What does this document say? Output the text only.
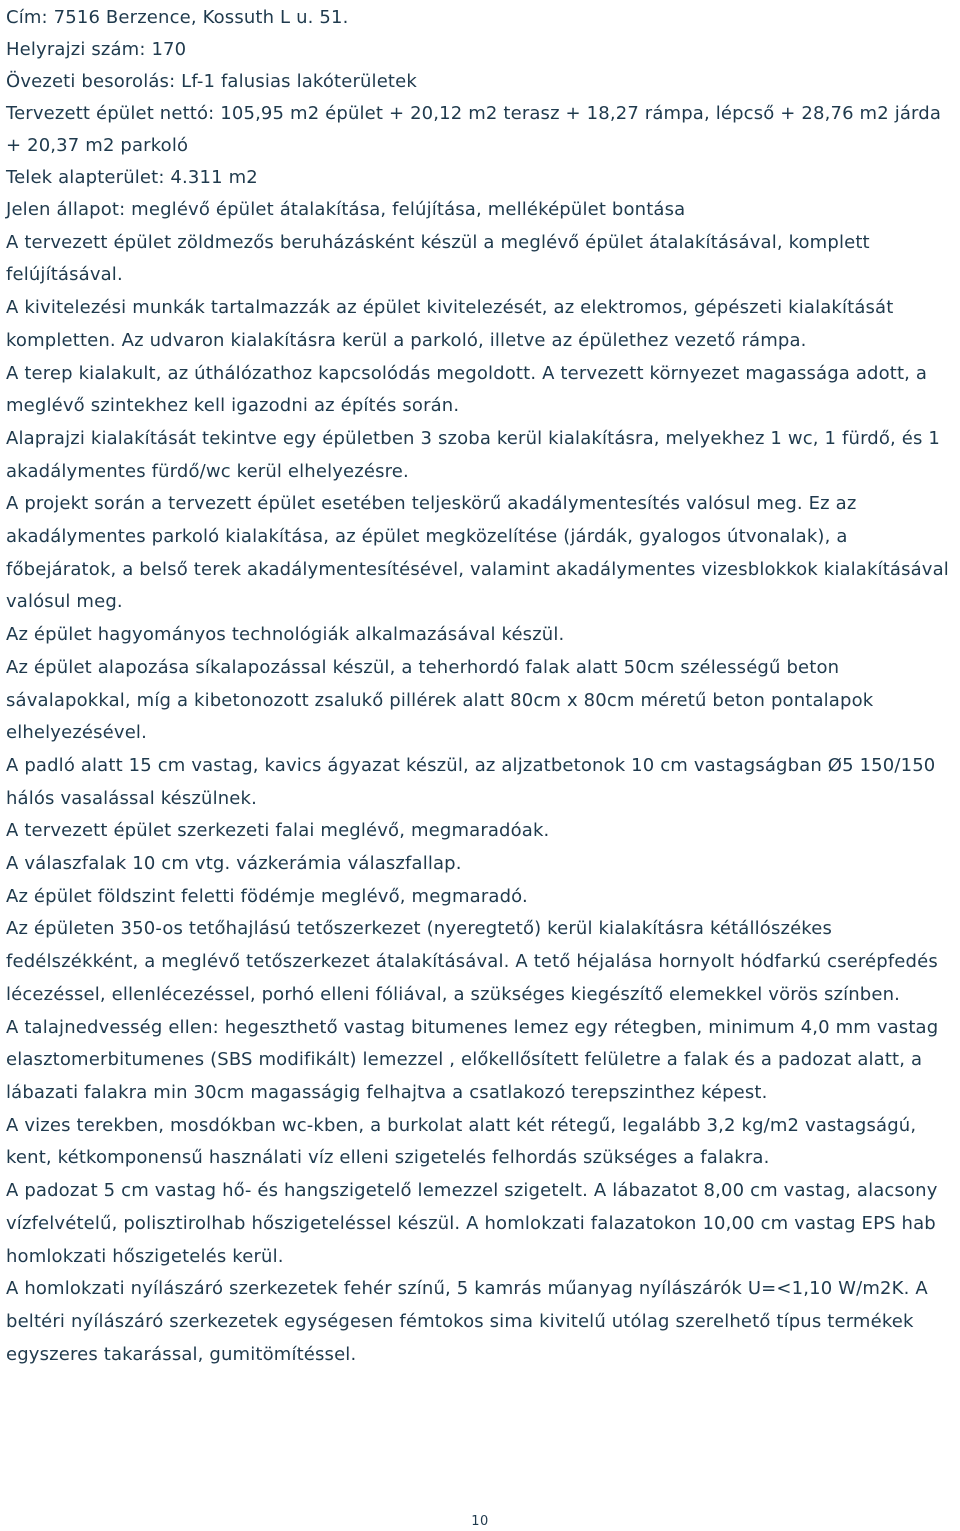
Cím: 7516 Berzence, Kossuth L u. 51.

Helyrajzi szám: 170

Övezeti besorolás: Lf-1 falusias lakóterületek

Tervezett épület nettó: 105,95 m2 épület + 20,12 m2 terasz + 18,27 rámpa, lépcső + 28,76 m2 járda + 20,37 m2 parkoló

Telek alapterület: 4.311 m2

Jelen állapot: meglévő épület átalakítása, felújítása, melléképület bontása

A tervezett épület zöldmezős beruházásként készül a meglévő épület átalakításával, komplett felújításával.

A kivitelezési munkák tartalmazzák az épület kivitelezését, az elektromos, gépészeti kialakítását kompletten. Az udvaron kialakításra kerül a parkoló, illetve az épülethez vezető rámpa.

A terep kialakult, az úthálózathoz kapcsolódás megoldott. A tervezett környezet magassága adott, a meglévő szintekhez kell igazodni az építés során.

Alaprajzi kialakítását tekintve egy épületben 3 szoba kerül kialakításra, melyekhez 1 wc, 1 fürdő, és 1 akadálymentes fürdő/wc kerül elhelyezésre.

A projekt során a tervezett épület esetében teljeskörű akadálymentesítés valósul meg. Ez az akadálymentes parkoló kialakítása, az épület megközelítése (járdák, gyalogos útvonalak), a főbejáratok, a belső terek akadálymentesítésével, valamint akadálymentes vizesblokkok kialakításával valósul meg.

Az épület hagyományos technológiák alkalmazásával készül.

Az épület alapozása síkalapozással készül, a teherhordó falak alatt 50cm szélességű beton sávalapokkal, míg a kibetonozott zsalukő pillérek alatt 80cm x 80cm méretű beton pontalapok elhelyezésével.

A padló alatt 15 cm vastag, kavics ágyazat készül, az aljzatbetonok 10 cm vastagságban Ø5 150/150 hálós vasalással készülnek.

A tervezett épület szerkezeti falai meglévő, megmaradóak.

A válaszfalak 10 cm vtg. vázkerámia válaszfallap.

Az épület földszint feletti födémje meglévő, megmaradó.

Az épületen 350-os tetőhajlású tetőszerkezet (nyeregtető) kerül kialakításra kétállószékes fedélszékként, a meglévő tetőszerkezet átalakításával. A tető héjalása hornyolt hódfarkú cserépfedés lécezéssel, ellenlécezéssel, porhó elleni fóliával, a szükséges kiegészítő elemekkel vörös színben.

A talajnedvesség ellen: hegeszthető vastag bitumenes lemez egy rétegben, minimum 4,0 mm vastag elasztomerbitumenes (SBS modifikált) lemezzel , előkellősített felületre a falak és a padozat alatt, a lábazati falakra min 30cm magasságig felhajtva a csatlakozó terepszinthez képest.

A vizes terekben, mosdókban wc-kben, a burkolat alatt két rétegű, legalább 3,2 kg/m2 vastagságú, kent, kétkomponensű használati víz elleni szigetelés felhordás szükséges a falakra.

A padozat 5 cm vastag hő- és hangszigetelő lemezzel szigetelt. A lábazatot 8,00 cm vastag, alacsony vízfelvételű, polisztirolhab hőszigeteléssel készül. A homlokzati falazatokon 10,00 cm vastag EPS hab homlokzati hőszigetelés kerül.

A homlokzati nyílászáró szerkezetek fehér színű, 5 kamrás műanyag nyílászárók U=<1,10 W/m2K. A beltéri nyílászáró szerkezetek egységesen fémtokos sima kivitelű utólag szerelhető típus termékek egyszeres takarással, gumitömítéssel.

10
